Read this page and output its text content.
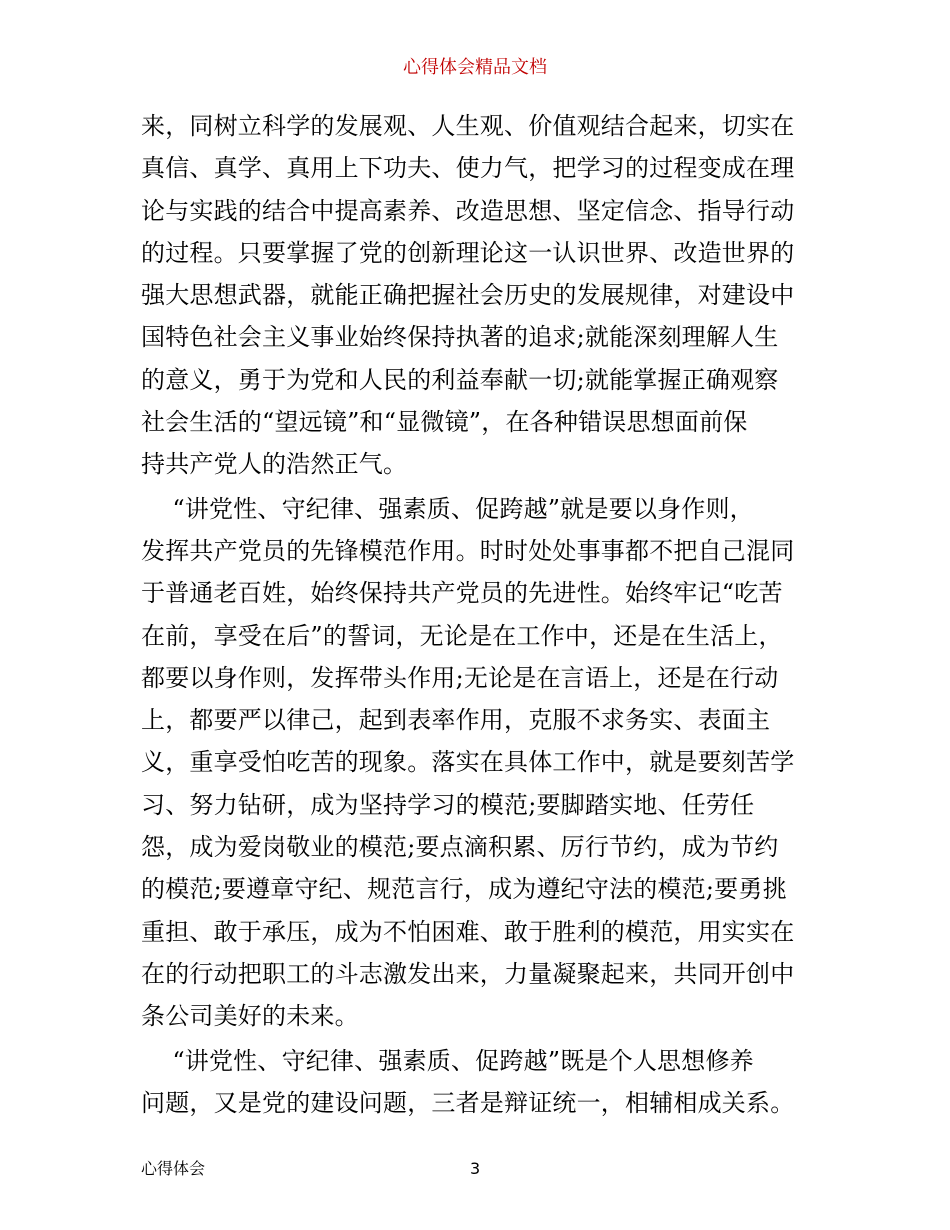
心得体会精品文档

来，同树立科学的发展观、人生观、价值观结合起来，切实在
真信、真学、真用上下功夫、使力气，把学习的过程变成在理
论与实践的结合中提高素养、改造思想、坚定信念、指导行动
的过程。只要掌握了党的创新理论这一认识世界、改造世界的
强大思想武器，就能正确把握社会历史的发展规律，对建设中
国特色社会主义事业始终保持执著的追求;就能深刻理解人生
的意义，勇于为党和人民的利益奉献一切;就能掌握正确观察
社会生活的“望远镜”和“显微镜”，在各种错误思想面前保
持共产党人的浩然正气。

“讲党性、守纪律、强素质、促跨越”就是要以身作则，
发挥共产党员的先锋模范作用。时时处处事事都不把自己混同
于普通老百姓，始终保持共产党员的先进性。始终牢记“吃苦
在前，享受在后”的誓词，无论是在工作中，还是在生活上，
都要以身作则，发挥带头作用;无论是在言语上，还是在行动
上，都要严以律己，起到表率作用，克服不求务实、表面主
义，重享受怕吃苦的现象。落实在具体工作中，就是要刻苦学
习、努力钻研，成为坚持学习的模范;要脚踏实地、任劳任
怨，成为爱岗敬业的模范;要点滴积累、厉行节约，成为节约
的模范;要遵章守纪、规范言行，成为遵纪守法的模范;要勇挑
重担、敢于承压，成为不怕困难、敢于胜利的模范，用实实在
在的行动把职工的斗志激发出来，力量凝聚起来，共同开创中
条公司美好的未来。

“讲党性、守纪律、强素质、促跨越”既是个人思想修养
问题，又是党的建设问题，三者是辩证统一，相辅相成关系。

心得体会	3
